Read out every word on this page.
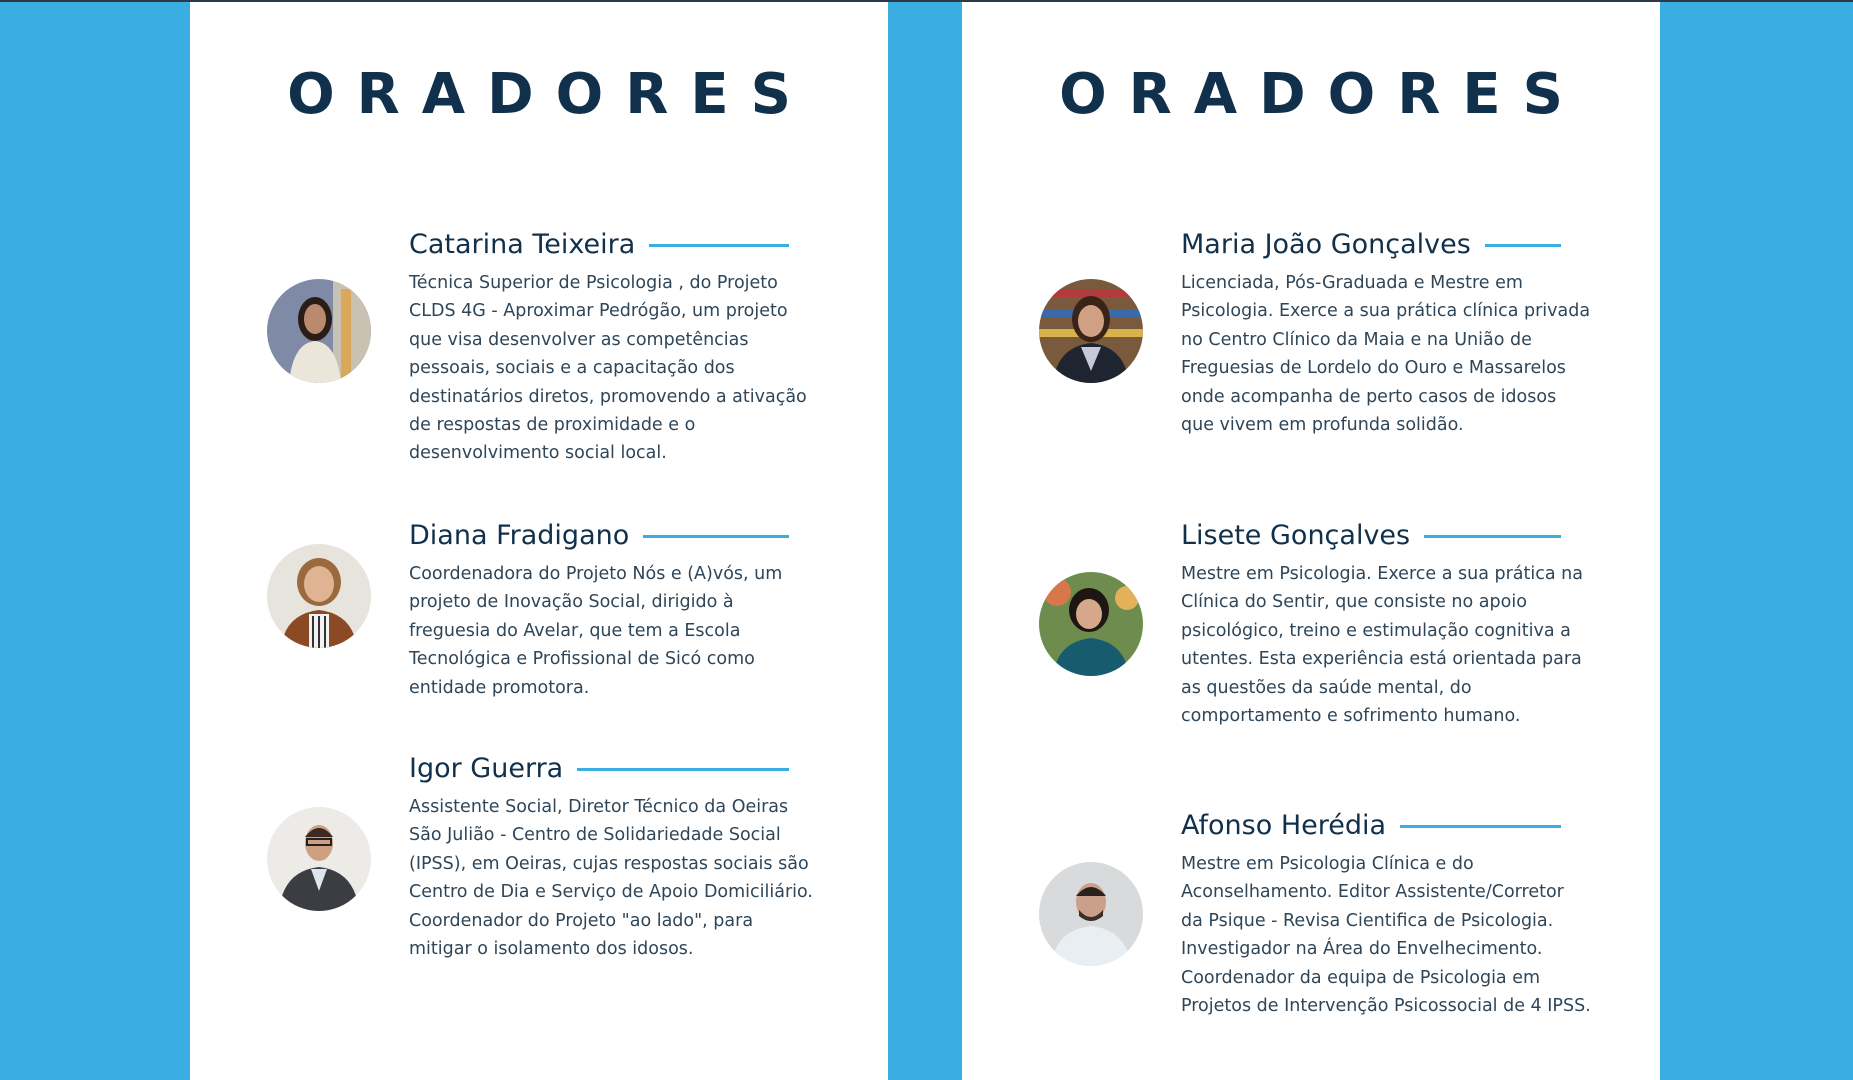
ORADORES
Catarina Teixeira
Técnica Superior de Psicologia , do Projeto CLDS 4G - Aproximar Pedrógão, um projeto que visa desenvolver as competências pessoais, sociais e a capacitação dos destinatários diretos, promovendo a ativação de respostas de proximidade e o desenvolvimento social local.
Diana Fradigano
Coordenadora do Projeto Nós e (A)vós, um projeto de Inovação Social, dirigido à freguesia do Avelar, que tem a Escola Tecnológica e Profissional de Sicó como entidade promotora.
Igor Guerra
Assistente Social, Diretor Técnico da Oeiras São Julião - Centro de Solidariedade Social (IPSS), em Oeiras, cujas respostas sociais são Centro de Dia e Serviço de Apoio Domiciliário. Coordenador do Projeto "ao lado", para mitigar o isolamento dos idosos.
ORADORES
Maria João Gonçalves
Licenciada, Pós-Graduada e Mestre em Psicologia. Exerce a sua prática clínica privada no Centro Clínico da Maia e na União de Freguesias de Lordelo do Ouro e Massarelos onde acompanha de perto casos de idosos que vivem em profunda solidão.
Lisete Gonçalves
Mestre em Psicologia. Exerce a sua prática na Clínica do Sentir, que consiste no apoio psicológico, treino e estimulação cognitiva a utentes. Esta experiência está orientada para as questões da saúde mental, do comportamento e sofrimento humano.
Afonso Herédia
Mestre em Psicologia Clínica e do Aconselhamento. Editor Assistente/Corretor da Psique - Revisa Cientifica de Psicologia. Investigador na Área do Envelhecimento. Coordenador da equipa de Psicologia em Projetos de Intervenção Psicossocial de 4 IPSS.
